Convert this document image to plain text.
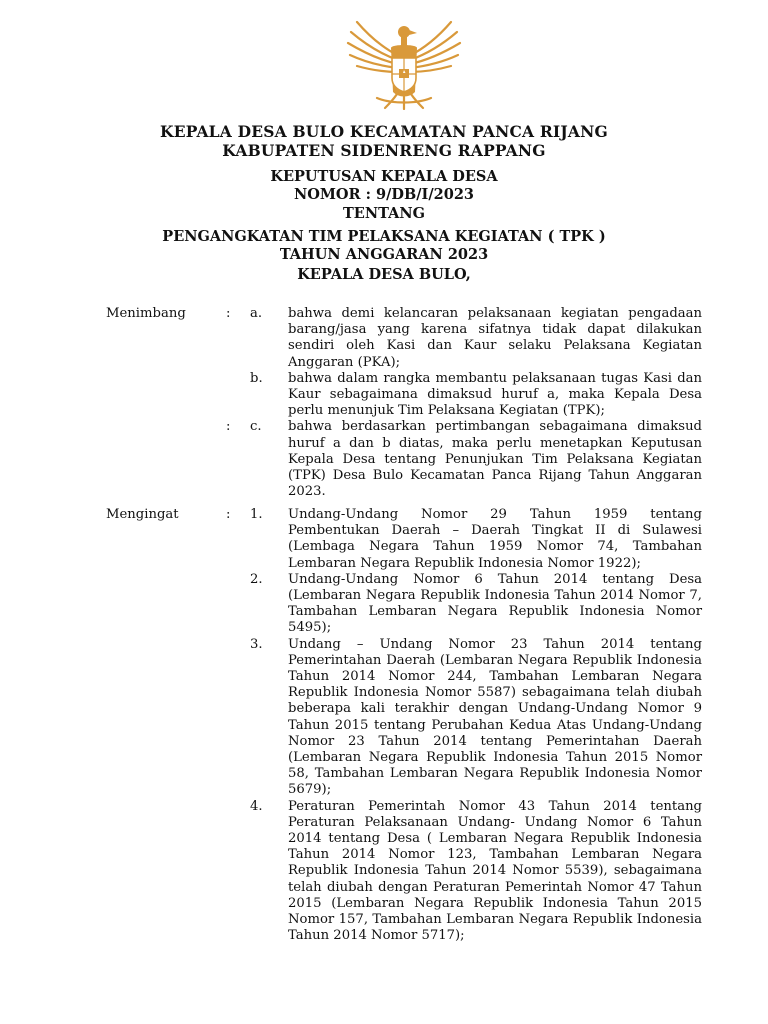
KEPALA DESA BULO KECAMATAN PANCA RIJANG
KABUPATEN SIDENRENG RAPPANG
KEPUTUSAN KEPALA DESA
NOMOR : 9/DB/I/2023
TENTANG
PENGANGKATAN TIM PELAKSANA KEGIATAN ( TPK )
TAHUN ANGGARAN 2023
KEPALA DESA BULO,
Menimbang	:	a.	bahwa demi kelancaran pelaksanaan kegiatan pengadaan barang/jasa yang karena sifatnya tidak dapat dilakukan sendiri oleh Kasi dan Kaur selaku Pelaksana Kegiatan Anggaran (PKA);
b.	bahwa dalam rangka membantu pelaksanaan tugas Kasi dan Kaur sebagaimana dimaksud huruf a, maka Kepala Desa perlu menunjuk Tim Pelaksana Kegiatan (TPK);
:	c.	bahwa berdasarkan pertimbangan sebagaimana dimaksud huruf a dan b diatas, maka perlu menetapkan Keputusan Kepala Desa tentang Penunjukan Tim Pelaksana Kegiatan (TPK) Desa Bulo Kecamatan Panca Rijang Tahun Anggaran 2023.
Mengingat	:	1.	Undang-Undang Nomor 29 Tahun 1959 tentang Pembentukan Daerah – Daerah Tingkat II di Sulawesi (Lembaga Negara Tahun 1959 Nomor 74, Tambahan Lembaran Negara Republik Indonesia Nomor 1922);
2.	Undang-Undang Nomor 6 Tahun 2014 tentang Desa (Lembaran Negara Republik Indonesia Tahun 2014 Nomor 7, Tambahan Lembaran Negara Republik Indonesia Nomor 5495);
3.	Undang – Undang Nomor 23 Tahun 2014 tentang Pemerintahan Daerah (Lembaran Negara Republik Indonesia Tahun 2014 Nomor 244, Tambahan Lembaran Negara Republik Indonesia Nomor 5587) sebagaimana telah diubah beberapa kali terakhir dengan Undang-Undang Nomor 9 Tahun 2015 tentang Perubahan Kedua Atas Undang-Undang Nomor 23 Tahun 2014 tentang Pemerintahan Daerah (Lembaran Negara Republik Indonesia Tahun 2015 Nomor 58, Tambahan Lembaran Negara Republik Indonesia Nomor 5679);
4.	Peraturan Pemerintah Nomor 43 Tahun 2014 tentang Peraturan Pelaksanaan Undang- Undang Nomor 6 Tahun 2014 tentang Desa ( Lembaran Negara Republik Indonesia Tahun 2014 Nomor 123, Tambahan Lembaran Negara Republik Indonesia Tahun 2014 Nomor 5539), sebagaimana telah diubah dengan Peraturan Pemerintah Nomor 47 Tahun 2015 (Lembaran Negara Republik Indonesia Tahun 2015 Nomor 157, Tambahan Lembaran Negara Republik Indonesia Tahun 2014 Nomor 5717);
